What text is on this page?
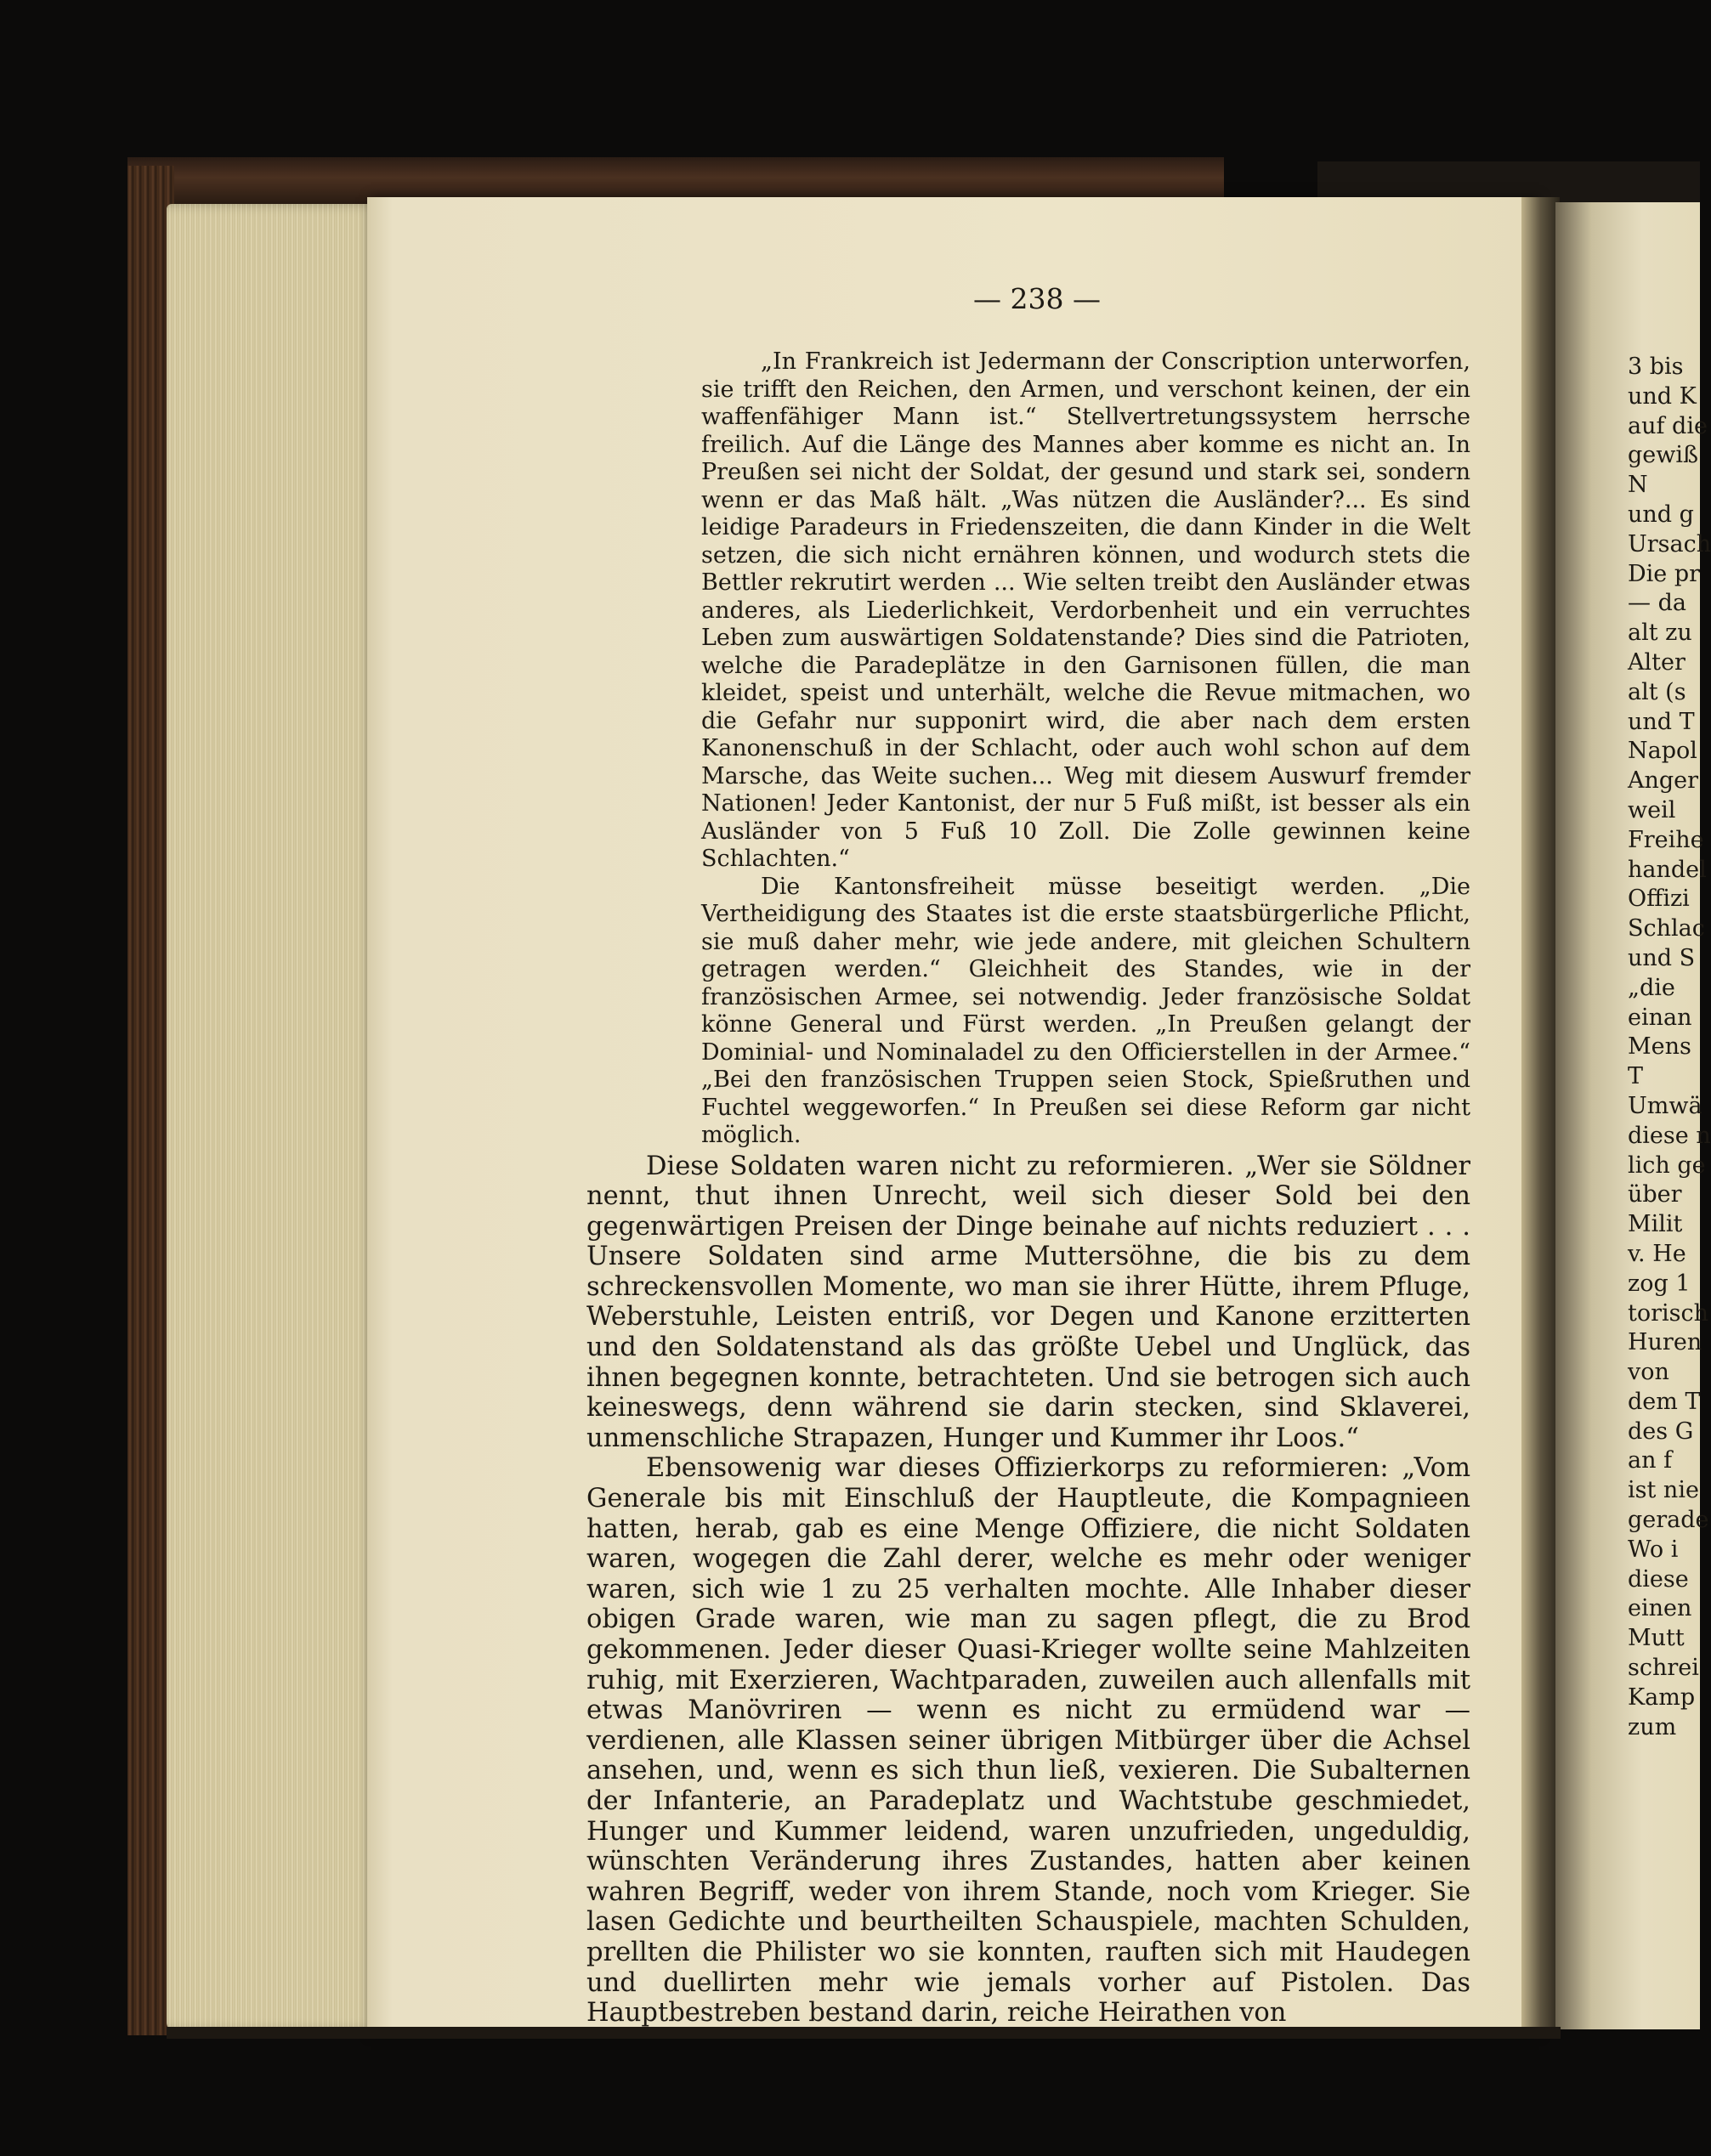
— 238 —

„In Frankreich ist Jedermann der Conscription unterworfen, sie trifft den Reichen, den Armen, und verschont keinen, der ein waffenfähiger Mann ist.“ Stellvertretungssystem herrsche freilich. Auf die Länge des Mannes aber komme es nicht an. In Preußen sei nicht der Soldat, der gesund und stark sei, sondern wenn er das Maß hält. „Was nützen die Ausländer?... Es sind leidige Paradeurs in Friedenszeiten, die dann Kinder in die Welt setzen, die sich nicht ernähren können, und wodurch stets die Bettler rekrutirt werden ... Wie selten treibt den Ausländer etwas anderes, als Liederlichkeit, Verdorbenheit und ein verruchtes Leben zum auswärtigen Soldatenstande? Dies sind die Patrioten, welche die Paradeplätze in den Garnisonen füllen, die man kleidet, speist und unterhält, welche die Revue mitmachen, wo die Gefahr nur supponirt wird, die aber nach dem ersten Kanonenschuß in der Schlacht, oder auch wohl schon auf dem Marsche, das Weite suchen... Weg mit diesem Auswurf fremder Nationen! Jeder Kantonist, der nur 5 Fuß mißt, ist besser als ein Ausländer von 5 Fuß 10 Zoll. Die Zolle gewinnen keine Schlachten.“

Die Kantonsfreiheit müsse beseitigt werden. „Die Vertheidigung des Staates ist die erste staatsbürgerliche Pflicht, sie muß daher mehr, wie jede andere, mit gleichen Schultern getragen werden.“ Gleichheit des Standes, wie in der französischen Armee, sei notwendig. Jeder französische Soldat könne General und Fürst werden. „In Preußen gelangt der Dominial- und Nominaladel zu den Officierstellen in der Armee.“ „Bei den französischen Truppen seien Stock, Spießruthen und Fuchtel weggeworfen.“ In Preußen sei diese Reform gar nicht möglich.

Diese Soldaten waren nicht zu reformieren. „Wer sie Söldner nennt, thut ihnen Unrecht, weil sich dieser Sold bei den gegenwärtigen Preisen der Dinge beinahe auf nichts reduziert . . . Unsere Soldaten sind arme Muttersöhne, die bis zu dem schreckensvollen Momente, wo man sie ihrer Hütte, ihrem Pfluge, Weberstuhle, Leisten entriß, vor Degen und Kanone erzitterten und den Soldatenstand als das größte Uebel und Unglück, das ihnen begegnen konnte, betrachteten. Und sie betrogen sich auch keineswegs, denn während sie darin stecken, sind Sklaverei, unmenschliche Strapazen, Hunger und Kummer ihr Loos.“

Ebensowenig war dieses Offizierkorps zu reformieren: „Vom Generale bis mit Einschluß der Hauptleute, die Kompagnieen hatten, herab, gab es eine Menge Offiziere, die nicht Soldaten waren, wogegen die Zahl derer, welche es mehr oder weniger waren, sich wie 1 zu 25 verhalten mochte. Alle Inhaber dieser obigen Grade waren, wie man zu sagen pflegt, die zu Brod gekommenen. Jeder dieser Quasi-Krieger wollte seine Mahlzeiten ruhig, mit Exerzieren, Wachtparaden, zuweilen auch allenfalls mit etwas Manövriren — wenn es nicht zu ermüdend war — verdienen, alle Klassen seiner übrigen Mitbürger über die Achsel ansehen, und, wenn es sich thun ließ, vexieren. Die Subalternen der Infanterie, an Paradeplatz und Wachtstube geschmiedet, Hunger und Kummer leidend, waren unzufrieden, ungeduldig, wünschten Veränderung ihres Zustandes, hatten aber keinen wahren Begriff, weder von ihrem Stande, noch vom Krieger. Sie lasen Gedichte und beurtheilten Schauspiele, machten Schulden, prellten die Philister wo sie konnten, rauften sich mit Haudegen und duellirten mehr wie jemals vorher auf Pistolen. Das Hauptbestreben bestand darin, reiche Heirathen von

3 bis
und K
auf die
gewiß
N
und g
Ursach
Die pr
— da
alt zu
Alter
alt (s
und T
Napol
Anger
weil
Freihe
handel
Offizi
Schlac
und S
„die
einan
Mens
T
Umwä
diese n
lich ge
über
Milit
v. He
zog 1
torisch
Huren
von
dem T
des G
an f
ist nie
gerade
Wo i
diese
einen
Mutt
schrei
Kamp
zum
